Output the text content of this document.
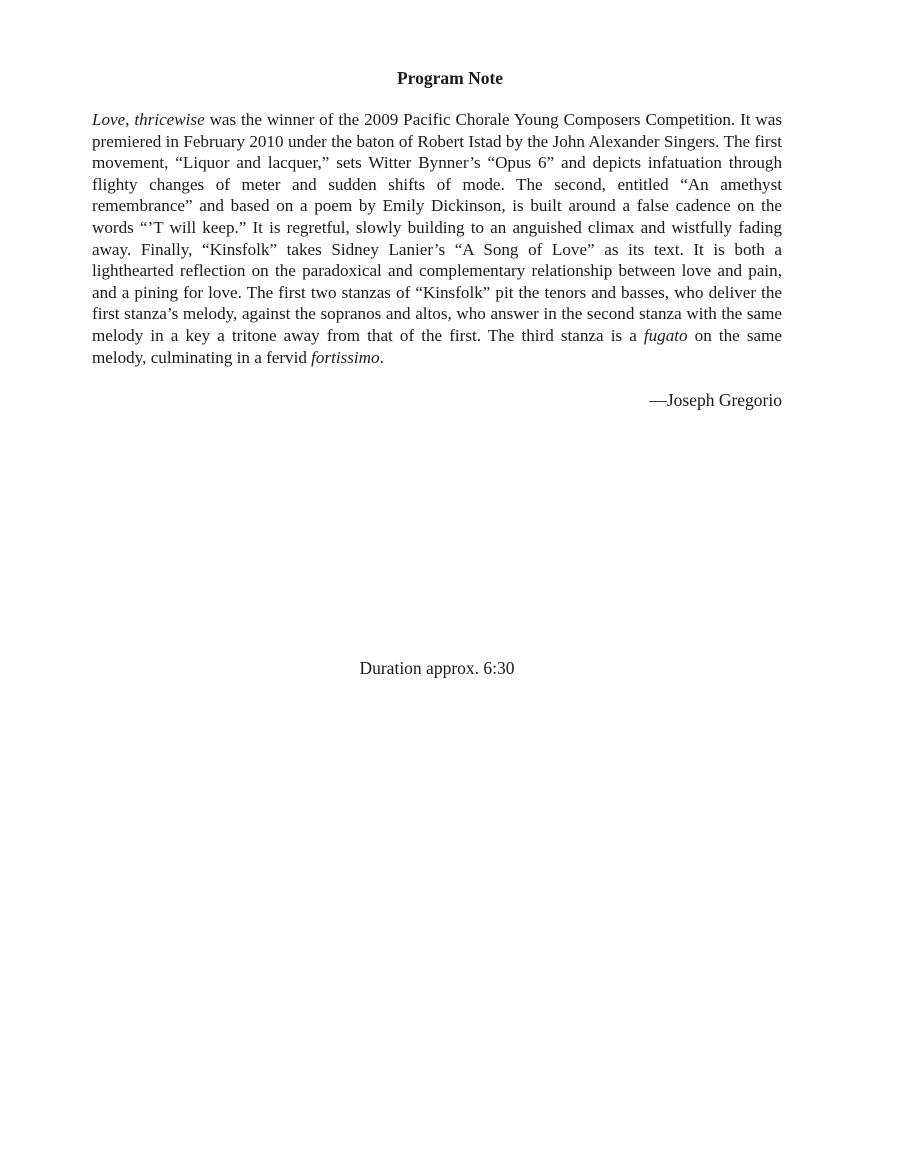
Program Note

Love, thricewise was the winner of the 2009 Pacific Chorale Young Composers Competition. It was premiered in February 2010 under the baton of Robert Istad by the John Alexander Singers. The first movement, “Liquor and lacquer,” sets Witter Bynner’s “Opus 6” and depicts infatuation through flighty changes of meter and sudden shifts of mode. The second, entitled “An amethyst remembrance” and based on a poem by Emily Dickinson, is built around a false cadence on the words “’T will keep.” It is regretful, slowly building to an anguished climax and wistfully fading away. Finally, “Kinsfolk” takes Sidney Lanier’s “A Song of Love” as its text. It is both a lighthearted reflection on the paradoxical and complementary relationship between love and pain, and a pining for love. The first two stanzas of “Kinsfolk” pit the tenors and basses, who deliver the first stanza’s melody, against the sopranos and altos, who answer in the second stanza with the same melody in a key a tritone away from that of the first. The third stanza is a fugato on the same melody, culminating in a fervid fortissimo.

—Joseph Gregorio
Duration approx. 6:30
